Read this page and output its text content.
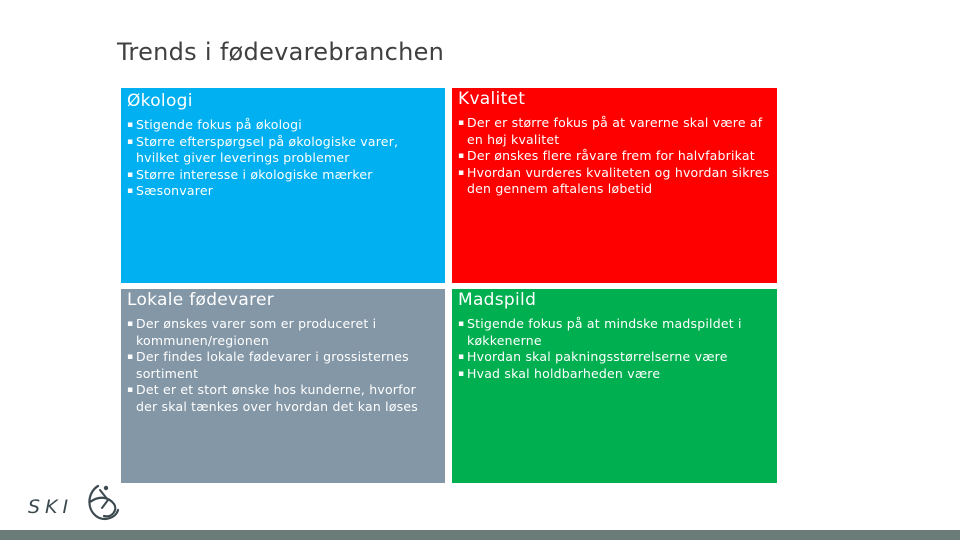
Trends i fødevarebranchen
Økologi
▪ Stigende fokus på økologi
▪ Større efterspørgsel på økologiske varer, hvilket giver leverings problemer
▪ Større interesse i økologiske mærker
▪ Sæsonvarer
Kvalitet
▪ Der er større fokus på at varerne skal være af en høj kvalitet
▪ Der ønskes flere råvare frem for halvfabrikat
▪ Hvordan vurderes kvaliteten og hvordan sikres den gennem aftalens løbetid
Lokale fødevarer
▪ Der ønskes varer som er produceret i kommunen/regionen
▪ Der findes lokale fødevarer i grossisternes sortiment
▪ Det er et stort ønske hos kunderne, hvorfor der skal tænkes over hvordan det kan løses
Madspild
▪ Stigende fokus på at mindske madspildet i køkkenerne
▪ Hvordan skal pakningsstørrelserne være
▪ Hvad skal holdbarheden være
SKI
